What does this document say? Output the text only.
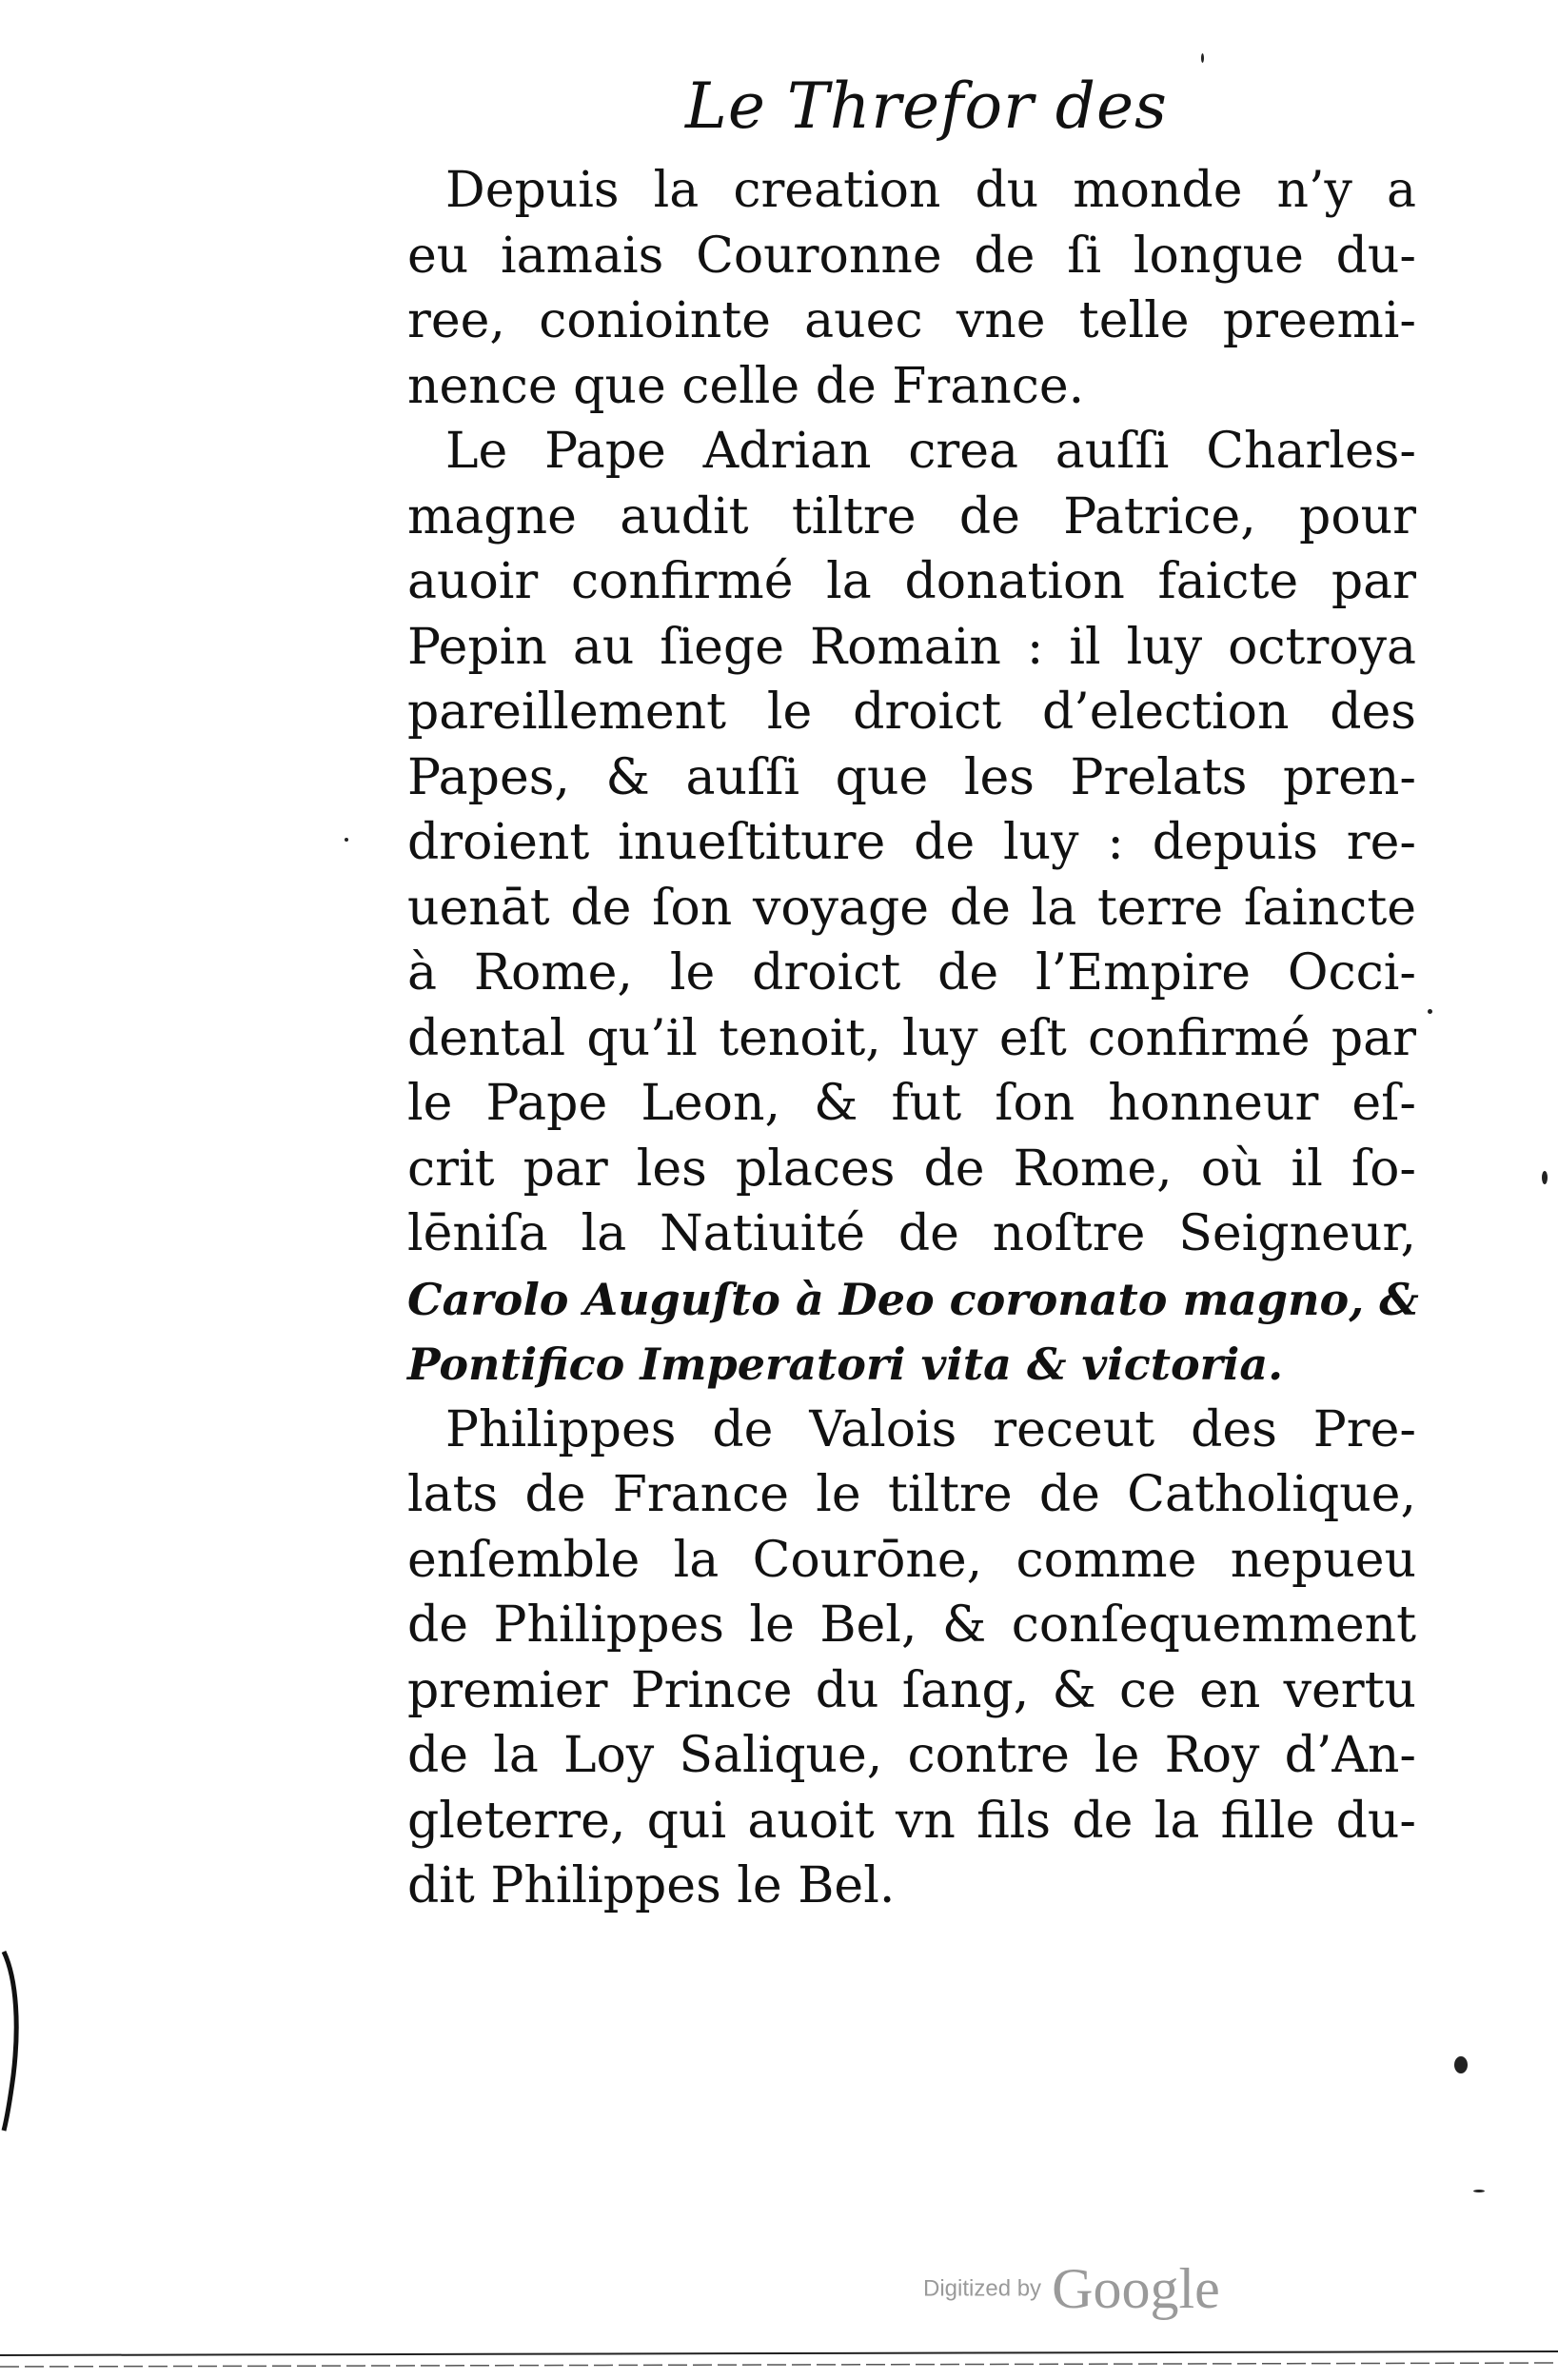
Le Threfor des
Depuis la creation du monde n’y a
eu iamais Couronne de ſi longue du-
ree, coniointe auec vne telle preemi-
nence que celle de France.
Le Pape Adrian crea auſſi Charles-
magne audit tiltre de Patrice, pour
auoir confirmé la donation faicte par
Pepin au ſiege Romain : il luy octroya
pareillement le droict d’election des
Papes, & auſſi que les Prelats pren-
droient inueſtiture de luy : depuis re-
uenāt de ſon voyage de la terre ſaincte
à Rome, le droict de l’Empire Occi-
dental qu’il tenoit, luy eſt confirmé par
le Pape Leon, & fut ſon honneur eſ-
crit par les places de Rome, où il ſo-
lēniſa la Natiuité de noſtre Seigneur,
Carolo Auguſto à Deo coronato magno, &
Pontifico Imperatori vita & victoria.
Philippes de Valois receut des Pre-
lats de France le tiltre de Catholique,
enſemble la Courōne, comme nepueu
de Philippes le Bel, & conſequemment
premier Prince du ſang, & ce en vertu
de la Loy Salique, contre le Roy d’An-
gleterre, qui auoit vn fils de la fille du-
dit Philippes le Bel.
Digitized by Google
